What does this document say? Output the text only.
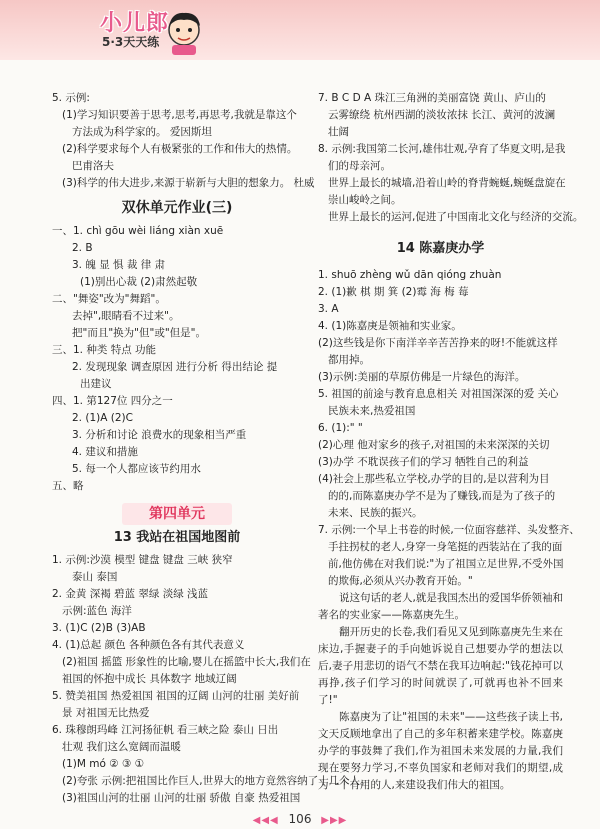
小儿郎
5·3天天练
5. 示例:
(1)学习知识要善于思考,思考,再思考,我就是靠这个
方法成为科学家的。 爱因斯坦
(2)科学要求每个人有极紧张的工作和伟大的热情。
巴甫洛夫
(3)科学的伟大进步,来源于崭新与大胆的想象力。 杜威
双休单元作业(三)
一、1. chì gōu wèi liáng xiàn xuē
2. B
3. 魄 显 惧 裁 律 肃
(1)别出心裁 (2)肃然起敬
二、"舞姿"改为"舞蹈"。
去掉",眼睛看不过来"。
把"而且"换为"但"或"但是"。
三、1. 种类 特点 功能
2. 发现现象 调查原因 进行分析 得出结论 提
出建议
四、1. 第127位 四分之一
2. (1)A (2)C
3. 分析和讨论 浪费水的现象相当严重
4. 建议和措施
5. 每一个人都应该节约用水
五、略
第四单元
13 我站在祖国地图前
1. 示例:沙漠 模型 键盘 键盘 三峡 狭窄
泰山 泰国
2. 金黄 深褐 碧蓝 翠绿 淡绿 浅蓝
示例:蓝色 海洋
3. (1)C (2)B (3)AB
4. (1)总起 颜色 各种颜色各有其代表意义
(2)祖国 摇篮 形象性的比喻,婴儿在摇篮中长大,我们在
祖国的怀抱中成长 具体数字 地域辽阔
5. 赞美祖国 热爱祖国 祖国的辽阔 山河的壮丽 美好前
景 对祖国无比热爱
6. 珠穆朗玛峰 江河扬征帆 看三峡之险 泰山 日出
壮观 我们这么宽阔而温暖
(1)M mó ② ③ ①
(2)夸张 示例:把祖国比作巨人,世界大的地方竟然容纳了十几个人。
(3)祖国山河的壮丽 山河的壮丽 骄傲 自豪 热爱祖国
7. B C D A 珠江三角洲的美丽富饶 黄山、庐山的
云雾缭绕 杭州西湖的淡妆浓抹 长江、黄河的波澜
壮阔
8. 示例:我国第二长河,雄伟壮观,孕育了华夏文明,是我
们的母亲河。
世界上最长的城墙,沿着山岭的脊背蜿蜒,蜿蜒盘旋在
崇山峻岭之间。
世界上最长的运河,促进了中国南北文化与经济的交流。
14 陈嘉庚办学
1. shuō zhèng wǔ dān qióng zhuàn
2. (1)歉 棋 期 箕 (2)霉 海 梅 莓
3. A
4. (1)陈嘉庚是领袖和实业家。
(2)这些钱是你下南洋辛辛苦苦挣来的呀!不能就这样
都用掉。
(3)示例:美丽的草原仿佛是一片绿色的海洋。
5. 祖国的前途与教育息息相关 对祖国深深的爱 关心
民族未来,热爱祖国
6. (1):" "
(2)心理 他对家乡的孩子,对祖国的未来深深的关切
(3)办学 不耽误孩子们的学习 牺牲自己的利益
(4)社会上那些私立学校,办学的目的,是以营利为目
的的,而陈嘉庚办学不是为了赚钱,而是为了孩子的
未来、民族的振兴。
7. 示例:一个早上书卷的时候,一位面容慈祥、头发整齐、
手拄拐杖的老人,身穿一身笔挺的西装站在了我的面
前,他仿佛在对我们说:"为了祖国立足世界,不受外国
的欺侮,必须从兴办教育开始。"
说这句话的老人,就是我国杰出的爱国华侨领袖和著名的实业家——陈嘉庚先生。
翻开历史的长卷,我们看见又见到陈嘉庚先生来在床边,手握妻子的手向她诉说自己想要办学的想法以后,妻子用悲切的语气不禁在我耳边响起:"钱花掉可以再挣,孩子们学习的时间就误了,可就再也补不回来了!"
陈嘉庚为了让"祖国的未来"——这些孩子读上书,文天反顾地拿出了自己的多年积蓄来建学校。陈嘉庚办学的事鼓舞了我们,作为祖国未来发展的力量,我们现在要努力学习,不辜负国家和老师对我们的期望,成为一个有用的人,来建设我们伟大的祖国。
◀◀◀ 106 ▶▶▶
